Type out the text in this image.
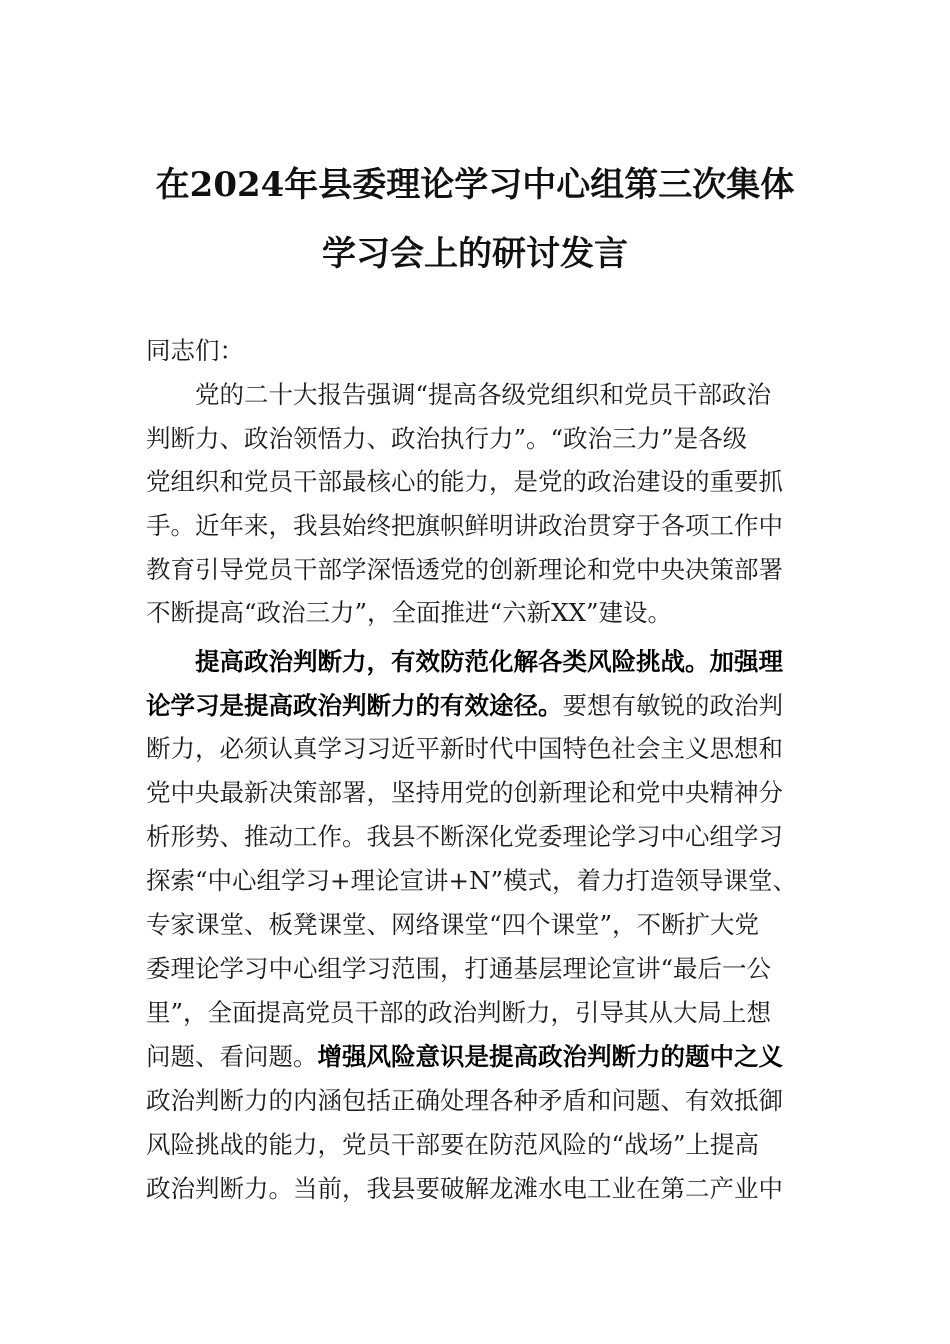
在2024年县委理论学习中心组第三次集体
学习会上的研讨发言
同志们：
党的二十大报告强调“提高各级党组织和党员干部政治
判断力、政治领悟力、政治执行力”。“政治三力”是各级
党组织和党员干部最核心的能力，是党的政治建设的重要抓
手。近年来，我县始终把旗帜鲜明讲政治贯穿于各项工作中
教育引导党员干部学深悟透党的创新理论和党中央决策部署
不断提高“政治三力”，全面推进“六新XX”建设。
提高政治判断力，有效防范化解各类风险挑战。加强理
论学习是提高政治判断力的有效途径。要想有敏锐的政治判
断力，必须认真学习习近平新时代中国特色社会主义思想和
党中央最新决策部署，坚持用党的创新理论和党中央精神分
析形势、推动工作。我县不断深化党委理论学习中心组学习
探索“中心组学习+理论宣讲+N”模式，着力打造领导课堂、
专家课堂、板凳课堂、网络课堂“四个课堂”，不断扩大党
委理论学习中心组学习范围，打通基层理论宣讲“最后一公
里”，全面提高党员干部的政治判断力，引导其从大局上想
问题、看问题。增强风险意识是提高政治判断力的题中之义
政治判断力的内涵包括正确处理各种矛盾和问题、有效抵御
风险挑战的能力，党员干部要在防范风险的“战场”上提高
政治判断力。当前，我县要破解龙滩水电工业在第二产业中
